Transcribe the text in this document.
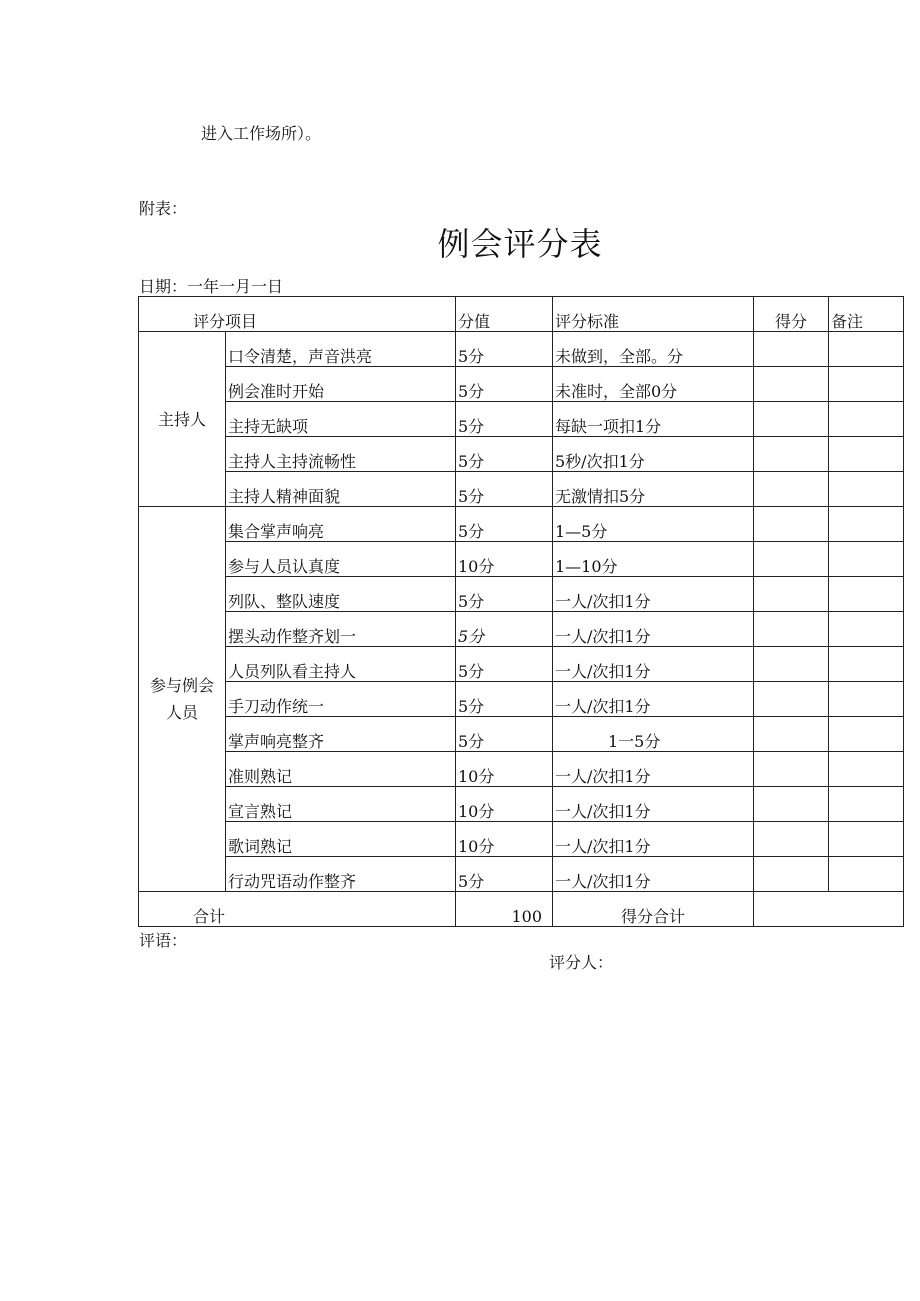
进入工作场所）。
附表：
例会评分表
日期：一年一月一日
评分项目		分值	评分标准	得分	备注
主持人	口令清楚，声音洪亮	5分	未做到，全部。分		
	例会准时开始	5分	未准时，全部0分		
	主持无缺项	5分	每缺一项扣1分		
	主持人主持流畅性	5分	5秒/次扣1分		
	主持人精神面貌	5分	无激情扣5分		
参与例会人员	集合掌声响亮	5分	1—5分		
	参与人员认真度	10分	1—10分		
	列队、整队速度	5分	一人/次扣1分		
	摆头动作整齐划一	5分	一人/次扣1分		
	人员列队看主持人	5分	一人/次扣1分		
	手刀动作统一	5分	一人/次扣1分		
	掌声响亮整齐	5分	1一5分		
	准则熟记	10分	一人/次扣1分		
	宣言熟记	10分	一人/次扣1分		
	歌词熟记	10分	一人/次扣1分		
	行动咒语动作整齐	5分	一人/次扣1分		
合计		100	得分合计		
评语：
评分人：
